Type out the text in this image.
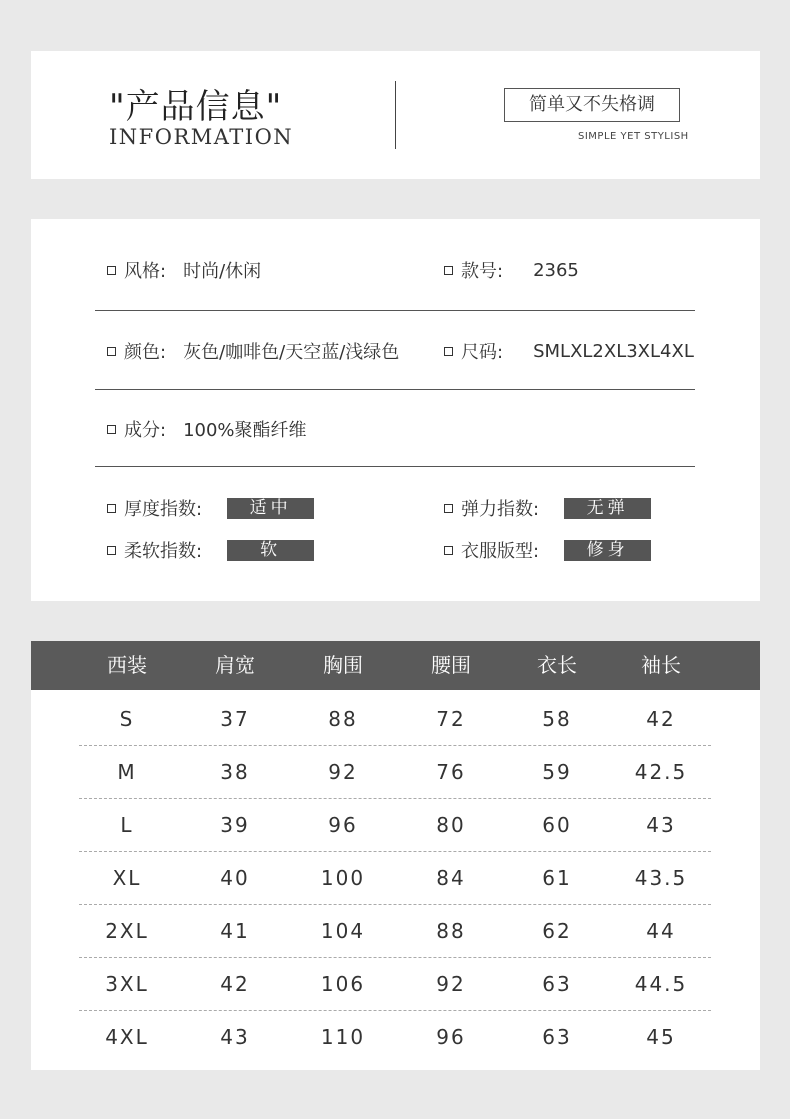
"产品信息"
INFORMATION
简单又不失格调
SIMPLE YET STYLISH
风格: 时尚/休闲	款号: 2365
颜色: 灰色/咖啡色/天空蓝/浅绿色	尺码: SMLXL2XL3XL4XL
成分: 100%聚酯纤维
厚度指数:	适中	弹力指数:	无弹
柔软指数:	软	衣服版型:	修身
西装	肩宽	胸围	腰围	衣长	袖长
S	37	88	72	58	42
M	38	92	76	59	42.5
L	39	96	80	60	43
XL	40	100	84	61	43.5
2XL	41	104	88	62	44
3XL	42	106	92	63	44.5
4XL	43	110	96	63	45
